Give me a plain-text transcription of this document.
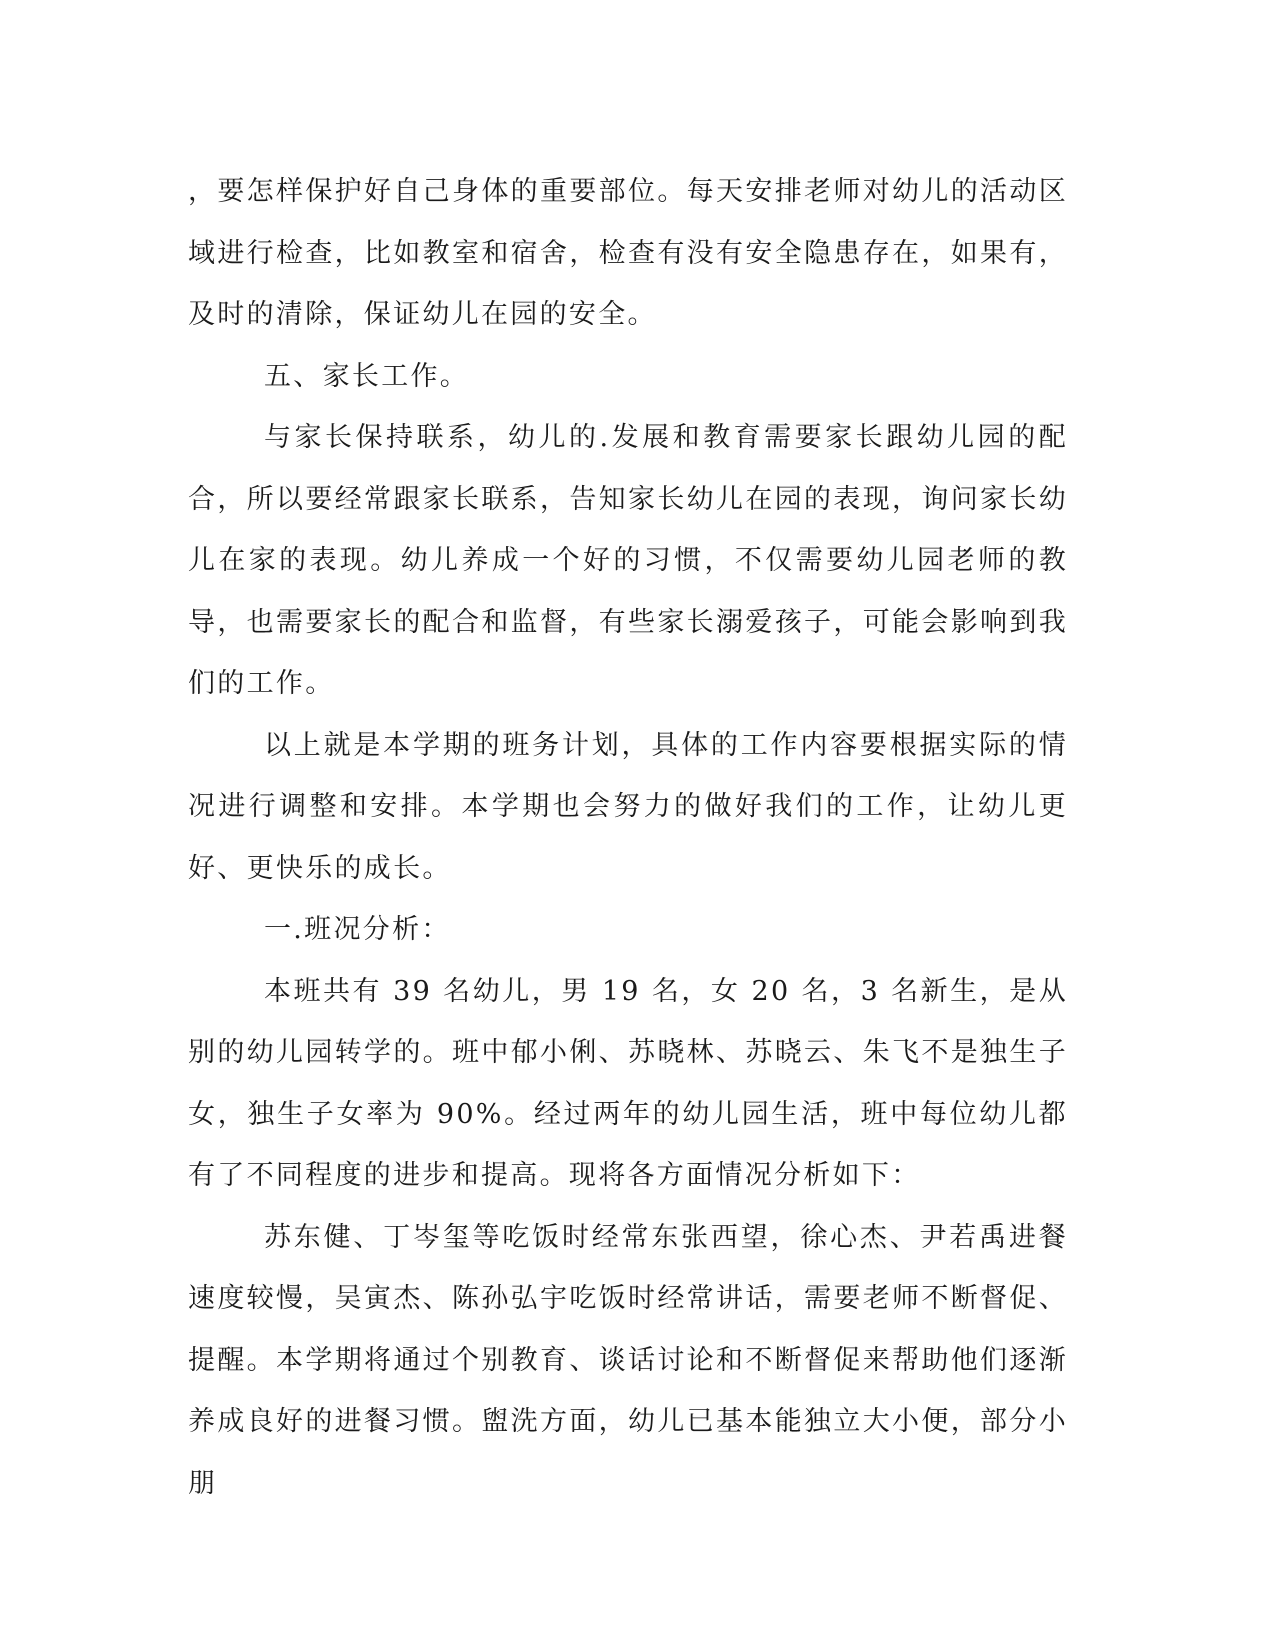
，要怎样保护好自己身体的重要部位。每天安排老师对幼儿的活动区域进行检查，比如教室和宿舍，检查有没有安全隐患存在，如果有，及时的清除，保证幼儿在园的安全。

五、家长工作。

与家长保持联系，幼儿的.发展和教育需要家长跟幼儿园的配合，所以要经常跟家长联系，告知家长幼儿在园的表现，询问家长幼儿在家的表现。幼儿养成一个好的习惯，不仅需要幼儿园老师的教导，也需要家长的配合和监督，有些家长溺爱孩子，可能会影响到我们的工作。

以上就是本学期的班务计划，具体的工作内容要根据实际的情况进行调整和安排。本学期也会努力的做好我们的工作，让幼儿更好、更快乐的成长。

一.班况分析：

本班共有 39 名幼儿，男 19 名，女 20 名，3 名新生，是从别的幼儿园转学的。班中郁小俐、苏晓林、苏晓云、朱飞不是独生子女，独生子女率为 90%。经过两年的幼儿园生活，班中每位幼儿都有了不同程度的进步和提高。现将各方面情况分析如下：

苏东健、丁岑玺等吃饭时经常东张西望，徐心杰、尹若禹进餐速度较慢，吴寅杰、陈孙弘宇吃饭时经常讲话，需要老师不断督促、提醒。本学期将通过个别教育、谈话讨论和不断督促来帮助他们逐渐养成良好的进餐习惯。盥洗方面，幼儿已基本能独立大小便，部分小朋
